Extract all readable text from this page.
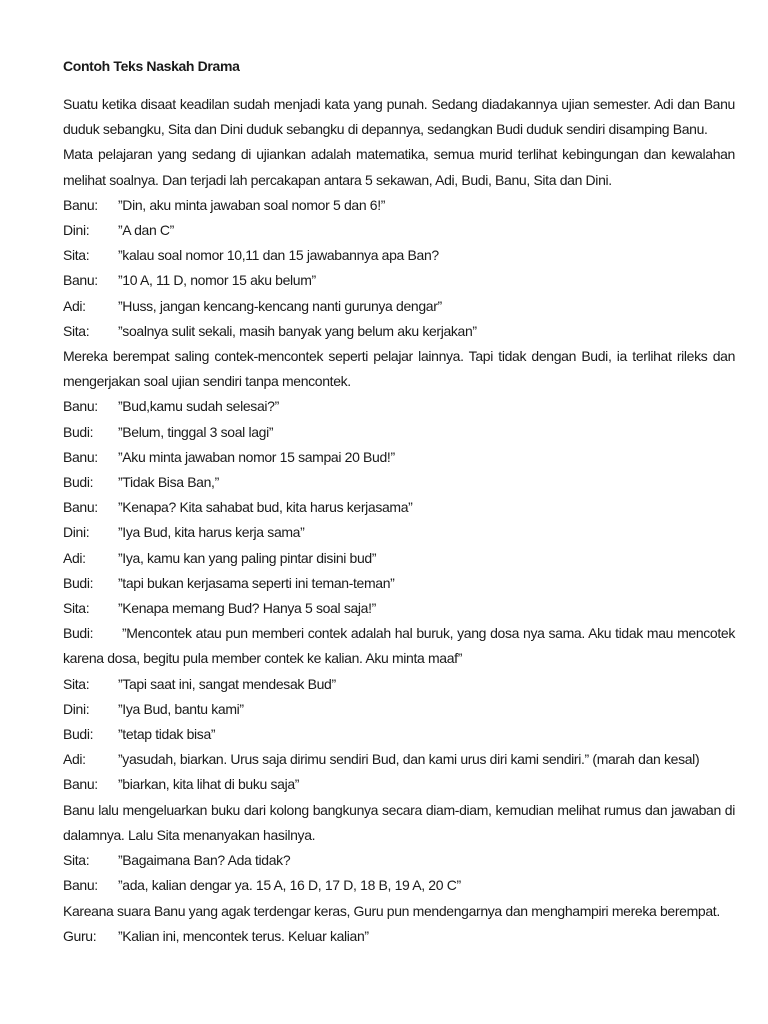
Contoh Teks Naskah Drama

Suatu ketika disaat keadilan sudah menjadi kata yang punah. Sedang diadakannya ujian semester. Adi dan Banu duduk sebangku, Sita dan Dini duduk sebangku di depannya, sedangkan Budi duduk sendiri disamping Banu.

Mata pelajaran yang sedang di ujiankan adalah matematika, semua murid terlihat kebingungan dan kewalahan melihat soalnya. Dan terjadi lah percakapan antara 5 sekawan, Adi, Budi, Banu, Sita dan Dini.

Banu: ”Din, aku minta jawaban soal nomor 5 dan 6!”

Dini: ”A dan C”

Sita: ”kalau soal nomor 10,11 dan 15 jawabannya apa Ban?

Banu: ”10 A, 11 D, nomor 15 aku belum”

Adi: ”Huss, jangan kencang-kencang nanti gurunya dengar”

Sita: ”soalnya sulit sekali, masih banyak yang belum aku kerjakan”

Mereka berempat saling contek-mencontek seperti pelajar lainnya. Tapi tidak dengan Budi, ia terlihat rileks dan mengerjakan soal ujian sendiri tanpa mencontek.

Banu: ”Bud,kamu sudah selesai?”

Budi: ”Belum, tinggal 3 soal lagi”

Banu: ”Aku minta jawaban nomor 15 sampai 20 Bud!”

Budi: ”Tidak Bisa Ban,”

Banu: ”Kenapa? Kita sahabat bud, kita harus kerjasama”

Dini: ”Iya Bud, kita harus kerja sama”

Adi: ”Iya, kamu kan yang paling pintar disini bud”

Budi: ”tapi bukan kerjasama seperti ini teman-teman”

Sita: ”Kenapa memang Bud? Hanya 5 soal saja!”

Budi: ”Mencontek atau pun memberi contek adalah hal buruk, yang dosa nya sama. Aku tidak mau mencotek karena dosa, begitu pula member contek ke kalian. Aku minta maaf”

Sita: ”Tapi saat ini, sangat mendesak Bud”

Dini: ”Iya Bud, bantu kami”

Budi: ”tetap tidak bisa”

Adi: ”yasudah, biarkan. Urus saja dirimu sendiri Bud, dan kami urus diri kami sendiri.” (marah dan kesal)

Banu: ”biarkan, kita lihat di buku saja”

Banu lalu mengeluarkan buku dari kolong bangkunya secara diam-diam, kemudian melihat rumus dan jawaban di dalamnya. Lalu Sita menanyakan hasilnya.

Sita: ”Bagaimana Ban? Ada tidak?

Banu: ”ada, kalian dengar ya. 15 A, 16 D, 17 D, 18 B, 19 A, 20 C”

Kareana suara Banu yang agak terdengar keras, Guru pun mendengarnya dan menghampiri mereka berempat.

Guru: ”Kalian ini, mencontek terus. Keluar kalian”
